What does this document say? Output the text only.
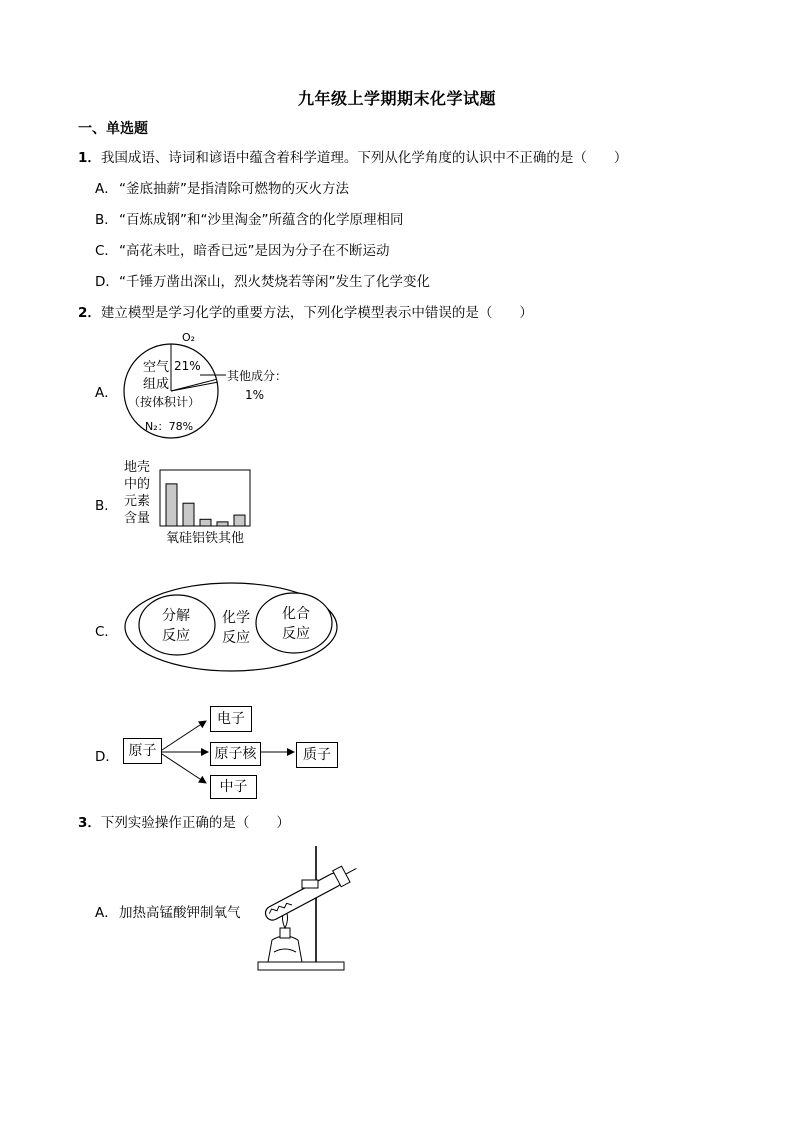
九年级上学期期末化学试题
一、单选题
1．我国成语、诗词和谚语中蕴含着科学道理。下列从化学角度的认识中不正确的是（　　）
A．“釜底抽薪”是指清除可燃物的灭火方法
B．“百炼成钢”和“沙里淘金”所蕴含的化学原理相同
C．“高花未吐，暗香已远”是因为分子在不断运动
D．“千锤万凿出深山，烈火焚烧若等闲”发生了化学变化
2．建立模型是学习化学的重要方法，下列化学模型表示中错误的是（　　）
A．
O₂
21%
空气
组成
（按体积计）
N₂：78%
其他成分：
1%
B．
地壳
中的
元素
含量
氧硅铝铁其他
C．
分解
反应
化学
反应
化合
反应
D． 原子
电子
原子核	质子
中子
3．下列实验操作正确的是（　　）
A．加热高锰酸钾制氧气
